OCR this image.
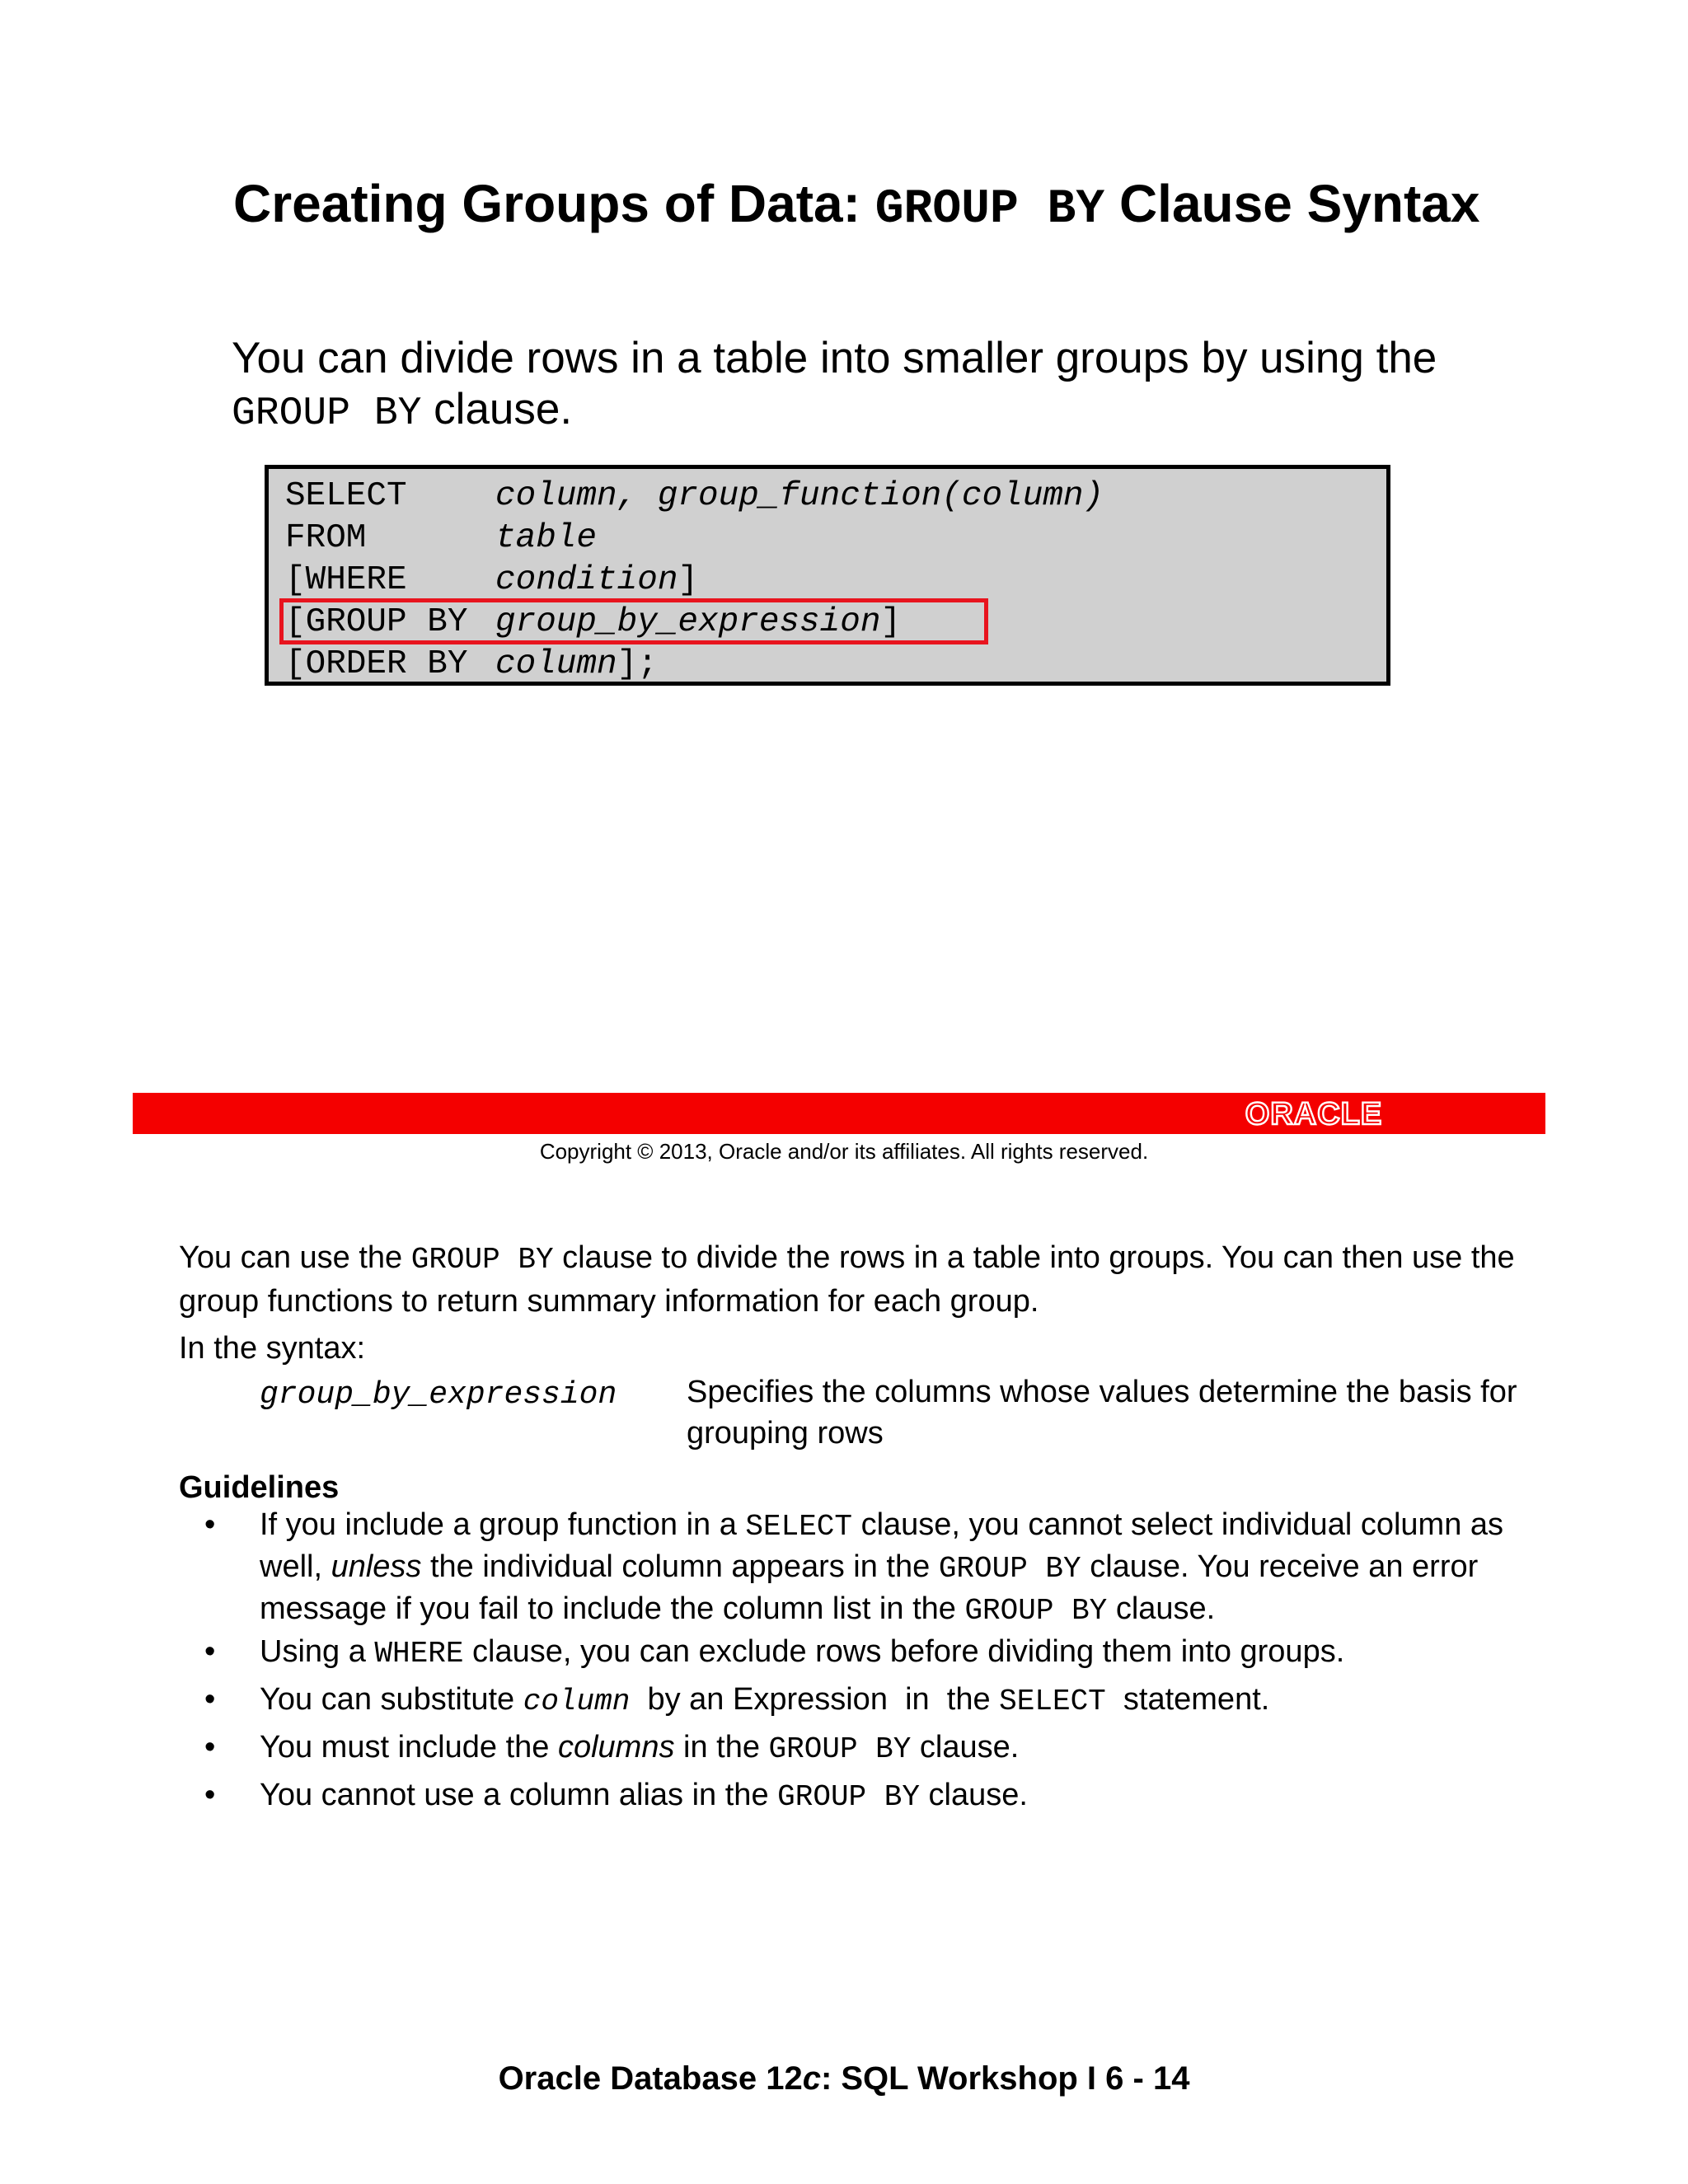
Creating Groups of Data: GROUP BY Clause Syntax
You can divide rows in a table into smaller groups by using the
GROUP BY clause.
SELECT	column, group_function(column)
FROM	table
[WHERE	condition]
[GROUP BY group_by_expression]
[ORDER BY column];
ORACLE
Copyright © 2013, Oracle and/or its affiliates. All rights reserved.
You can use the GROUP BY clause to divide the rows in a table into groups. You can then use the group functions to return summary information for each group.
In the syntax:
group_by_expression Specifies the columns whose values determine the basis for grouping rows
Guidelines
• If you include a group function in a SELECT clause, you cannot select individual column as well, unless the individual column appears in the GROUP BY clause. You receive an error message if you fail to include the column list in the GROUP BY clause.
• Using a WHERE clause, you can exclude rows before dividing them into groups.
• You can substitute column  by an Expression  in  the SELECT  statement.
• You must include the columns in the GROUP BY clause.
• You cannot use a column alias in the GROUP BY clause.
Oracle Database 12c: SQL Workshop I 6 - 14
